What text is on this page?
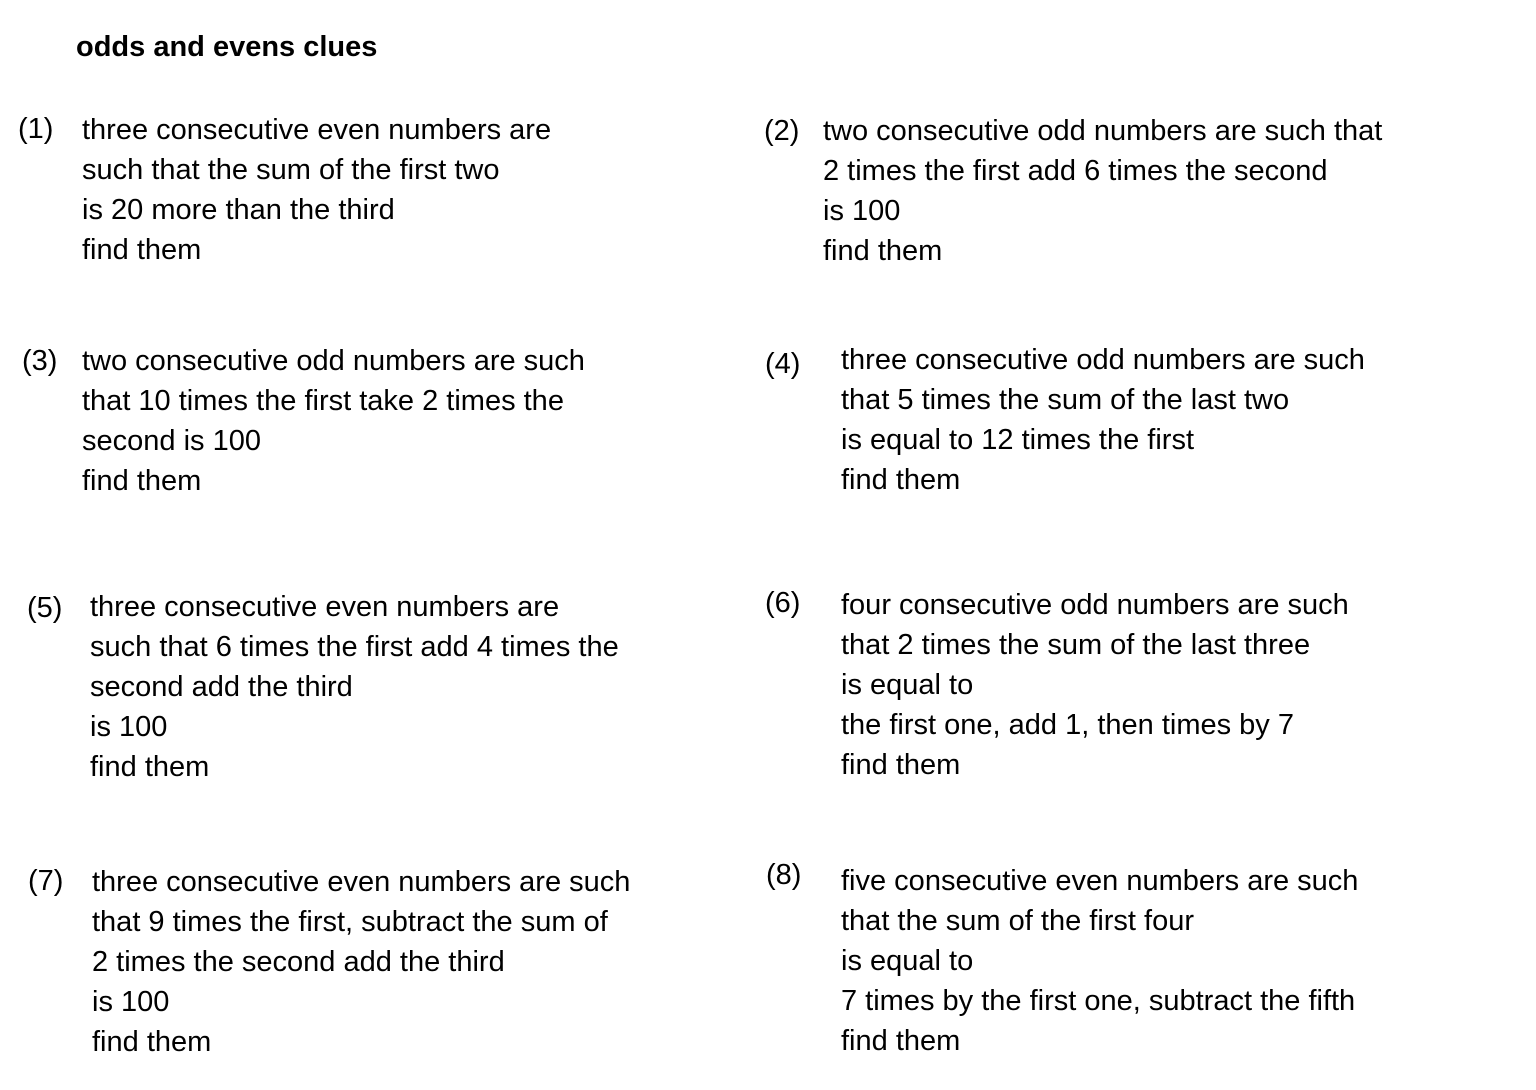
odds and evens clues
(1) three consecutive even numbers are
such that the sum of the first two
is 20 more than the third
find them
(2) two consecutive odd numbers are such that
2 times the first add 6 times the second
is 100
find them
(3) two consecutive odd numbers are such
that 10 times the first take 2 times the
second is 100
find them
(4) three consecutive odd numbers are such
that 5 times the sum of the last two
is equal to 12 times the first
find them
(5) three consecutive even numbers are
such that 6 times the first add 4 times the
second add the third
is 100
find them
(6) four consecutive odd numbers are such
that 2 times the sum of the last three
is equal to
the first one, add 1, then times by 7
find them
(7) three consecutive even numbers are such
that 9 times the first, subtract the sum of
2 times the second add the third
is 100
find them
(8) five consecutive even numbers are such
that the sum of the first four
is equal to
7 times by the first one, subtract the fifth
find them
